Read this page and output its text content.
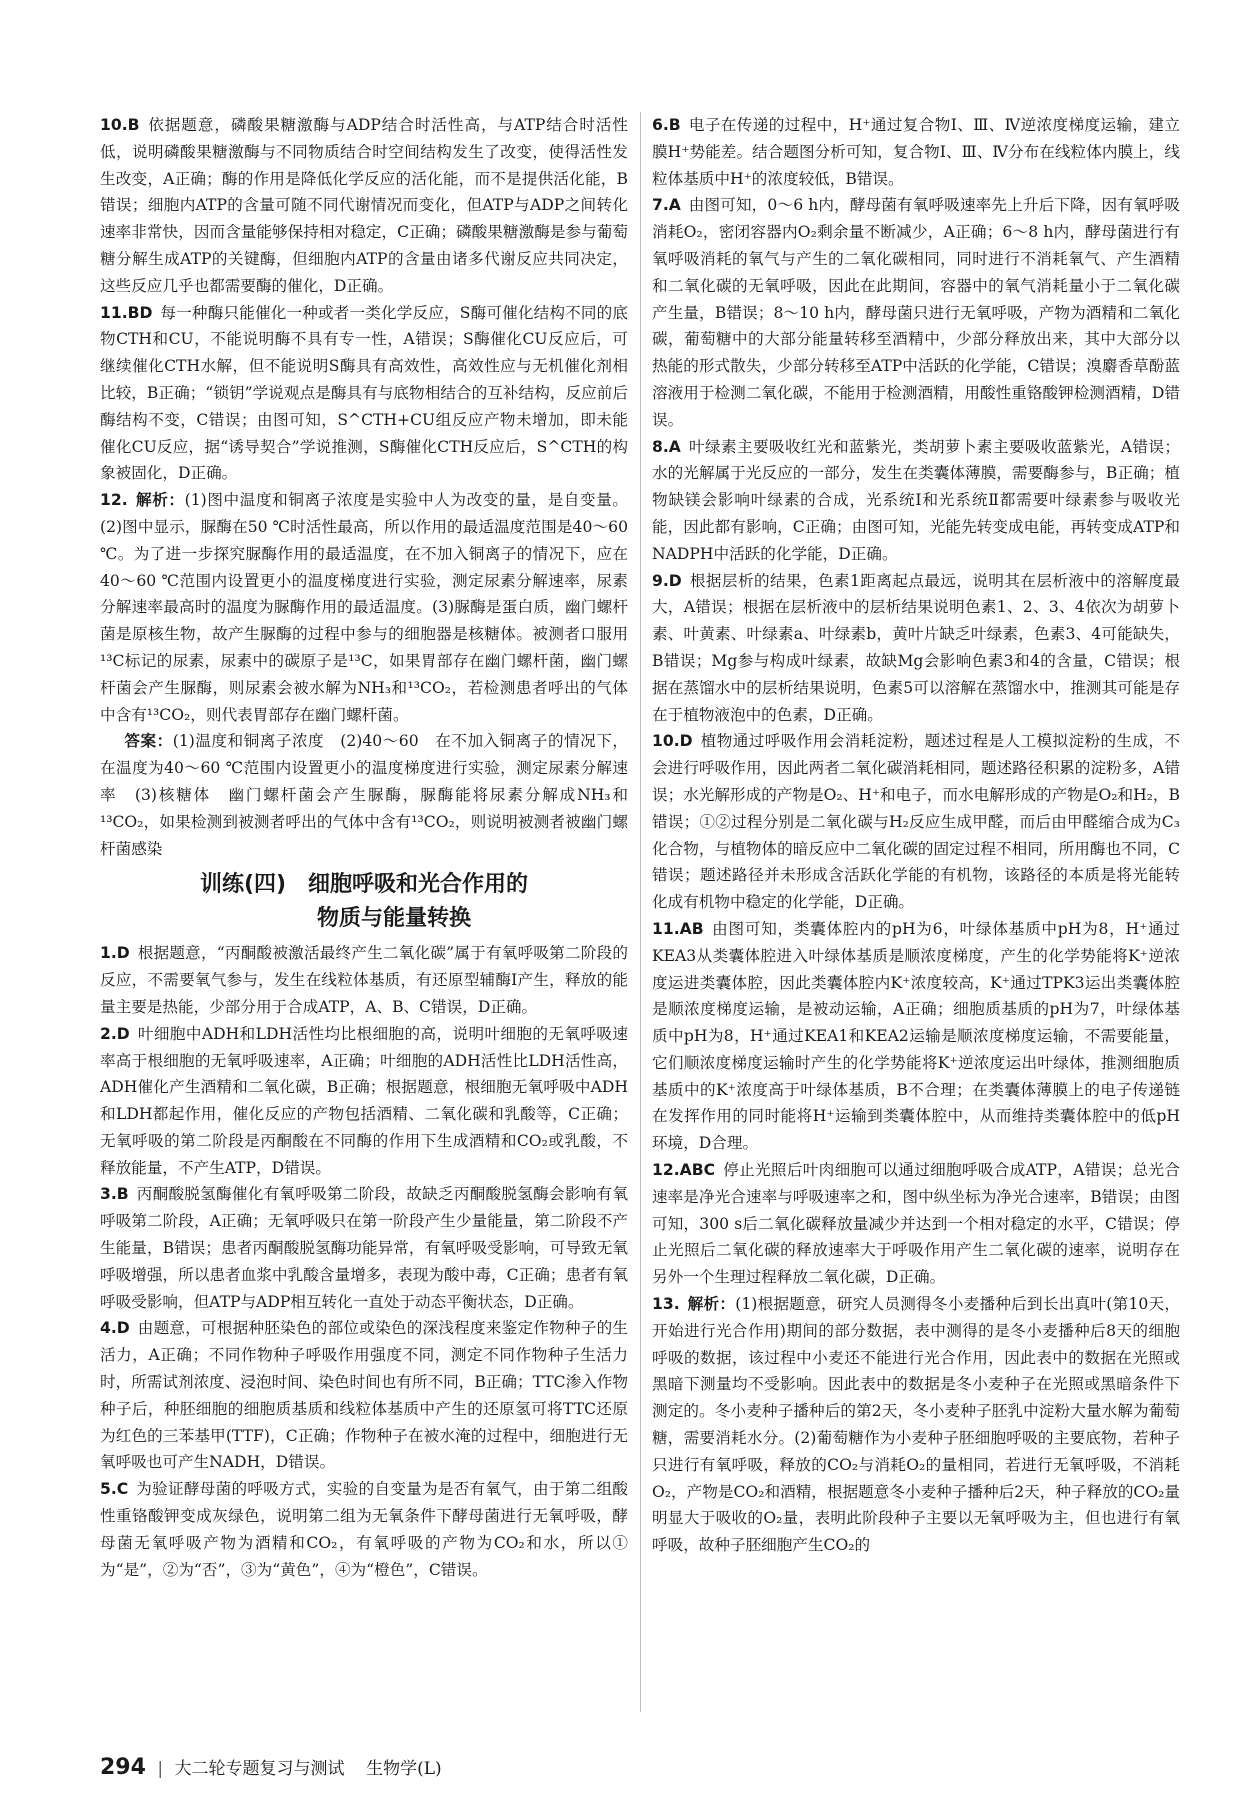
10.B  依据题意，磷酸果糖激酶与ADP结合时活性高，与ATP结合时活性低，说明磷酸果糖激酶与不同物质结合时空间结构发生了改变，使得活性发生改变，A正确；酶的作用是降低化学反应的活化能，而不是提供活化能，B错误；细胞内ATP的含量可随不同代谢情况而变化，但ATP与ADP之间转化速率非常快，因而含量能够保持相对稳定，C正确；磷酸果糖激酶是参与葡萄糖分解生成ATP的关键酶，但细胞内ATP的含量由诸多代谢反应共同决定，这些反应几乎也都需要酶的催化，D正确。

11.BD  每一种酶只能催化一种或者一类化学反应，S酶可催化结构不同的底物CTH和CU，不能说明酶不具有专一性，A错误；S酶催化CU反应后，可继续催化CTH水解，但不能说明S酶具有高效性，高效性应与无机催化剂相比较，B正确；“锁钥”学说观点是酶具有与底物相结合的互补结构，反应前后酶结构不变，C错误；由图可知，S^CTH+CU组反应产物未增加，即未能催化CU反应，据“诱导契合”学说推测，S酶催化CTH反应后，S^CTH的构象被固化，D正确。

12.  解析：(1)图中温度和铜离子浓度是实验中人为改变的量，是自变量。(2)图中显示，脲酶在50 ℃时活性最高，所以作用的最适温度范围是40～60 ℃。为了进一步探究脲酶作用的最适温度，在不加入铜离子的情况下，应在40～60 ℃范围内设置更小的温度梯度进行实验，测定尿素分解速率，尿素分解速率最高时的温度为脲酶作用的最适温度。(3)脲酶是蛋白质，幽门螺杆菌是原核生物，故产生脲酶的过程中参与的细胞器是核糖体。被测者口服用¹³C标记的尿素，尿素中的碳原子是¹³C，如果胃部存在幽门螺杆菌，幽门螺杆菌会产生脲酶，则尿素会被水解为NH₃和¹³CO₂，若检测患者呼出的气体中含有¹³CO₂，则代表胃部存在幽门螺杆菌。

　 答案：(1)温度和铜离子浓度　(2)40～60　在不加入铜离子的情况下，在温度为40～60 ℃范围内设置更小的温度梯度进行实验，测定尿素分解速率　(3)核糖体　幽门螺杆菌会产生脲酶，脲酶能将尿素分解成NH₃和¹³CO₂，如果检测到被测者呼出的气体中含有¹³CO₂，则说明被测者被幽门螺杆菌感染

训练(四)　细胞呼吸和光合作用的
物质与能量转换

1.D  根据题意，“丙酮酸被激活最终产生二氧化碳”属于有氧呼吸第二阶段的反应，不需要氧气参与，发生在线粒体基质，有还原型辅酶Ⅰ产生，释放的能量主要是热能，少部分用于合成ATP，A、B、C错误，D正确。

2.D  叶细胞中ADH和LDH活性均比根细胞的高，说明叶细胞的无氧呼吸速率高于根细胞的无氧呼吸速率，A正确；叶细胞的ADH活性比LDH活性高，ADH催化产生酒精和二氧化碳，B正确；根据题意，根细胞无氧呼吸中ADH和LDH都起作用，催化反应的产物包括酒精、二氧化碳和乳酸等，C正确；无氧呼吸的第二阶段是丙酮酸在不同酶的作用下生成酒精和CO₂或乳酸，不释放能量，不产生ATP，D错误。

3.B  丙酮酸脱氢酶催化有氧呼吸第二阶段，故缺乏丙酮酸脱氢酶会影响有氧呼吸第二阶段，A正确；无氧呼吸只在第一阶段产生少量能量，第二阶段不产生能量，B错误；患者丙酮酸脱氢酶功能异常，有氧呼吸受影响，可导致无氧呼吸增强，所以患者血浆中乳酸含量增多，表现为酸中毒，C正确；患者有氧呼吸受影响，但ATP与ADP相互转化一直处于动态平衡状态，D正确。

4.D  由题意，可根据种胚染色的部位或染色的深浅程度来鉴定作物种子的生活力，A正确；不同作物种子呼吸作用强度不同，测定不同作物种子生活力时，所需试剂浓度、浸泡时间、染色时间也有所不同，B正确；TTC渗入作物种子后，种胚细胞的细胞质基质和线粒体基质中产生的还原氢可将TTC还原为红色的三苯基甲(TTF)，C正确；作物种子在被水淹的过程中，细胞进行无氧呼吸也可产生NADH，D错误。

5.C  为验证酵母菌的呼吸方式，实验的自变量为是否有氧气，由于第二组酸性重铬酸钾变成灰绿色，说明第二组为无氧条件下酵母菌进行无氧呼吸，酵母菌无氧呼吸产物为酒精和CO₂，有氧呼吸的产物为CO₂和水，所以①为“是”，②为“否”，③为“黄色”，④为“橙色”，C错误。

6.B  电子在传递的过程中，H⁺通过复合物Ⅰ、Ⅲ、Ⅳ逆浓度梯度运输，建立膜H⁺势能差。结合题图分析可知，复合物Ⅰ、Ⅲ、Ⅳ分布在线粒体内膜上，线粒体基质中H⁺的浓度较低，B错误。

7.A  由图可知，0～6 h内，酵母菌有氧呼吸速率先上升后下降，因有氧呼吸消耗O₂，密闭容器内O₂剩余量不断减少，A正确；6～8 h内，酵母菌进行有氧呼吸消耗的氧气与产生的二氧化碳相同，同时进行不消耗氧气、产生酒精和二氧化碳的无氧呼吸，因此在此期间，容器中的氧气消耗量小于二氧化碳产生量，B错误；8～10 h内，酵母菌只进行无氧呼吸，产物为酒精和二氧化碳，葡萄糖中的大部分能量转移至酒精中，少部分释放出来，其中大部分以热能的形式散失，少部分转移至ATP中活跃的化学能，C错误；溴麝香草酚蓝溶液用于检测二氧化碳，不能用于检测酒精，用酸性重铬酸钾检测酒精，D错误。

8.A  叶绿素主要吸收红光和蓝紫光，类胡萝卜素主要吸收蓝紫光，A错误；水的光解属于光反应的一部分，发生在类囊体薄膜，需要酶参与，B正确；植物缺镁会影响叶绿素的合成，光系统Ⅰ和光系统Ⅱ都需要叶绿素参与吸收光能，因此都有影响，C正确；由图可知，光能先转变成电能，再转变成ATP和NADPH中活跃的化学能，D正确。

9.D  根据层析的结果，色素1距离起点最远，说明其在层析液中的溶解度最大，A错误；根据在层析液中的层析结果说明色素1、2、3、4依次为胡萝卜素、叶黄素、叶绿素a、叶绿素b，黄叶片缺乏叶绿素，色素3、4可能缺失，B错误；Mg参与构成叶绿素，故缺Mg会影响色素3和4的含量，C错误；根据在蒸馏水中的层析结果说明，色素5可以溶解在蒸馏水中，推测其可能是存在于植物液泡中的色素，D正确。

10.D  植物通过呼吸作用会消耗淀粉，题述过程是人工模拟淀粉的生成，不会进行呼吸作用，因此两者二氧化碳消耗相同，题述路径积累的淀粉多，A错误；水光解形成的产物是O₂、H⁺和电子，而水电解形成的产物是O₂和H₂，B错误；①②过程分别是二氧化碳与H₂反应生成甲醛，而后由甲醛缩合成为C₃化合物，与植物体的暗反应中二氧化碳的固定过程不相同，所用酶也不同，C错误；题述路径并未形成含活跃化学能的有机物，该路径的本质是将光能转化成有机物中稳定的化学能，D正确。

11.AB  由图可知，类囊体腔内的pH为6，叶绿体基质中pH为8，H⁺通过KEA3从类囊体腔进入叶绿体基质是顺浓度梯度，产生的化学势能将K⁺逆浓度运进类囊体腔，因此类囊体腔内K⁺浓度较高，K⁺通过TPK3运出类囊体腔是顺浓度梯度运输，是被动运输，A正确；细胞质基质的pH为7，叶绿体基质中pH为8，H⁺通过KEA1和KEA2运输是顺浓度梯度运输，不需要能量，它们顺浓度梯度运输时产生的化学势能将K⁺逆浓度运出叶绿体，推测细胞质基质中的K⁺浓度高于叶绿体基质，B不合理；在类囊体薄膜上的电子传递链在发挥作用的同时能将H⁺运输到类囊体腔中，从而维持类囊体腔中的低pH环境，D合理。

12.ABC  停止光照后叶肉细胞可以通过细胞呼吸合成ATP，A错误；总光合速率是净光合速率与呼吸速率之和，图中纵坐标为净光合速率，B错误；由图可知，300 s后二氧化碳释放量减少并达到一个相对稳定的水平，C错误；停止光照后二氧化碳的释放速率大于呼吸作用产生二氧化碳的速率，说明存在另外一个生理过程释放二氧化碳，D正确。

13.  解析：(1)根据题意，研究人员测得冬小麦播种后到长出真叶(第10天，开始进行光合作用)期间的部分数据，表中测得的是冬小麦播种后8天的细胞呼吸的数据，该过程中小麦还不能进行光合作用，因此表中的数据在光照或黑暗下测量均不受影响。因此表中的数据是冬小麦种子在光照或黑暗条件下测定的。冬小麦种子播种后的第2天，冬小麦种子胚乳中淀粉大量水解为葡萄糖，需要消耗水分。(2)葡萄糖作为小麦种子胚细胞呼吸的主要底物，若种子只进行有氧呼吸，释放的CO₂与消耗O₂的量相同，若进行无氧呼吸，不消耗O₂，产物是CO₂和酒精，根据题意冬小麦种子播种后2天，种子释放的CO₂量明显大于吸收的O₂量，表明此阶段种子主要以无氧呼吸为主，但也进行有氧呼吸，故种子胚细胞产生CO₂的

294 | 大二轮专题复习与测试 生物学(L)
